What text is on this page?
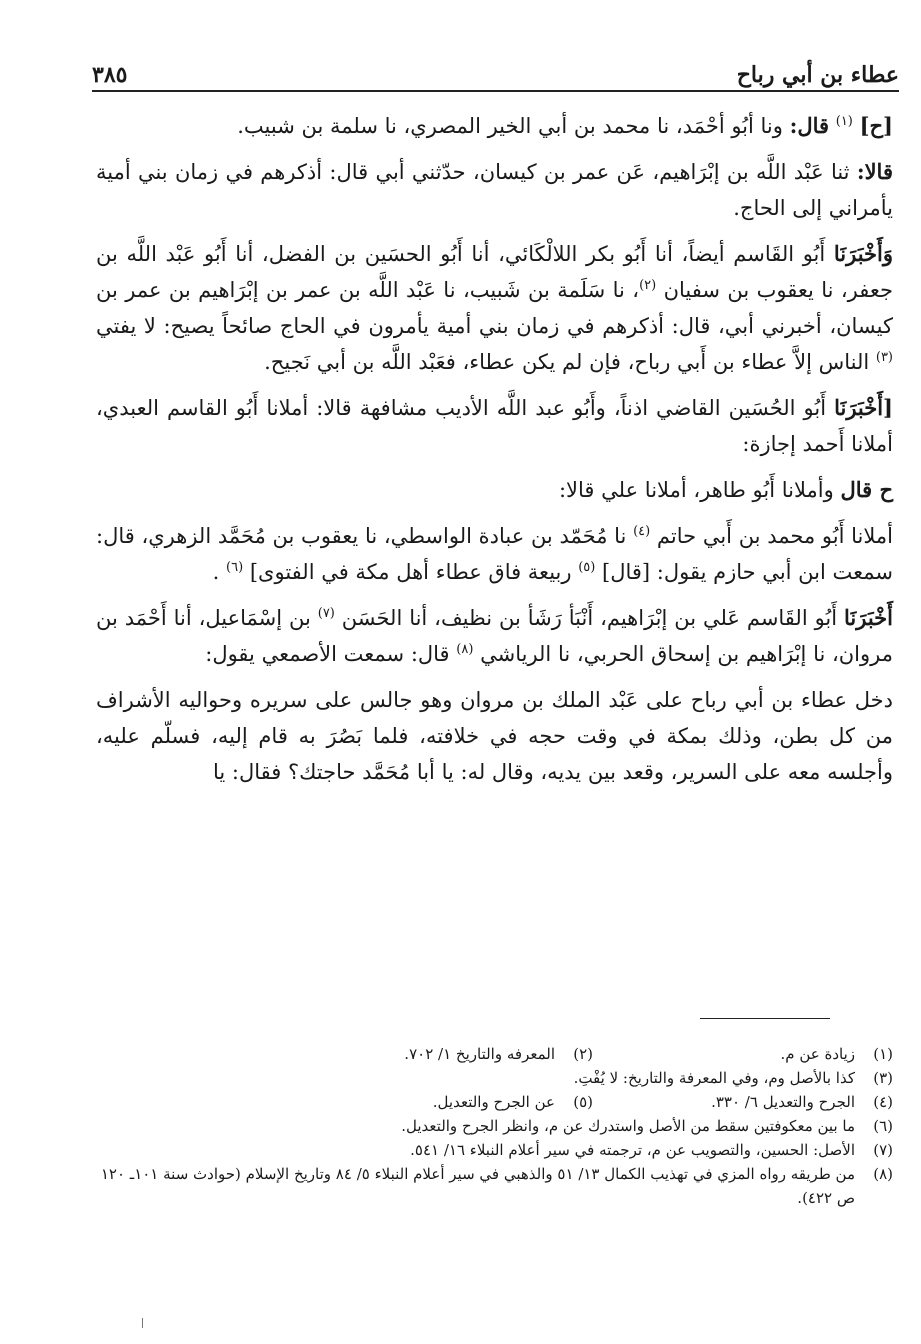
عطاء بن أبي رباح
٣٨٥

[ح] $^{(١)}$ قال: ونا أبُو أحْمَد، نا محمد بن أبي الخير المصري، نا سلمة بن شبيب.

قالا: ثنا عَبْد اللَّه بن إبْرَاهيم، عَن عمر بن كيسان، حدّثني أبي قال: أذكرهم في زمان بني أمية يأمراني إلى الحاج.

وَأَخْبَرَنَا أَبُو القَاسم أيضاً، أنا أَبُو بكر اللالْكَائي، أنا أَبُو الحسَين بن الفضل، أنا أَبُو عَبْد اللَّه بن جعفر، نا يعقوب بن سفيان $^{(٢)}$، نا سَلَمة بن شَبيب، نا عَبْد اللَّه بن عمر بن إبْرَاهيم بن عمر بن كيسان، أخبرني أبي، قال: أذكرهم في زمان بني أمية يأمرون في الحاج صائحاً يصيح: لا يفتي $^{(٣)}$ الناس إلاَّ عطاء بن أَبي رباح، فإن لم يكن عطاء، فعَبْد اللَّه بن أبي نَجيح.

[أَخْبَرَنَا أَبُو الحُسَين القاضي اذناً، وأَبُو عبد اللَّه الأديب مشافهة قالا: أملانا أَبُو القاسم العبدي، أملانا أَحمد إجازة:

ح قال وأملانا أَبُو طاهر، أملانا علي قالا:

أملانا أَبُو محمد بن أَبي حاتم $^{(٤)}$ نا مُحَمّد بن عبادة الواسطي، نا يعقوب بن مُحَمَّد الزهري، قال: سمعت ابن أبي حازم يقول: [قال] $^{(٥)}$ ربيعة فاق عطاء أهل مكة في الفتوى] $^{(٦)}$ .

أَخْبَرَنَا أَبُو القَاسم عَلي بن إبْرَاهيم، أَنْبَأ رَشَأ بن نظيف، أنا الحَسَن $^{(٧)}$ بن إسْمَاعيل، أنا أَحْمَد بن مروان، نا إبْرَاهيم بن إسحاق الحربي، نا الرياشي $^{(٨)}$ قال: سمعت الأصمعي يقول:

دخل عطاء بن أبي رباح على عَبْد الملك بن مروان وهو جالس على سريره وحواليه الأشراف من كل بطن، وذلك بمكة في وقت حجه في خلافته، فلما بَصُرَ به قام إليه، فسلّم عليه، وأجلسه معه على السرير، وقعد بين يديه، وقال له: يا أبا مُحَمَّد حاجتك؟ فقال: يا

(١)
زيادة عن م.
(٢)
المعرفه والتاريخ ١/ ٧٠٢.
(٣)
كذا بالأصل وم، وفي المعرفة والتاريخ: لا يُفْتِ.
(٤)
الجرح والتعديل ٦/ ٣٣٠.
(٥)
عن الجرح والتعديل.
(٦)
ما بين معكوفتين سقط من الأصل واستدرك عن م، وانظر الجرح والتعديل.
(٧)
الأصل: الحسين، والتصويب عن م، ترجمته في سير أعلام النبلاء ١٦/ ٥٤١.
(٨)
من طريقه رواه المزي في تهذيب الكمال ١٣/ ٥١ والذهبي في سير أعلام النبلاء ٥/ ٨٤ وتاريخ الإسلام (حوادث سنة ١٠١ـ ١٢٠ ص ٤٢٢).
